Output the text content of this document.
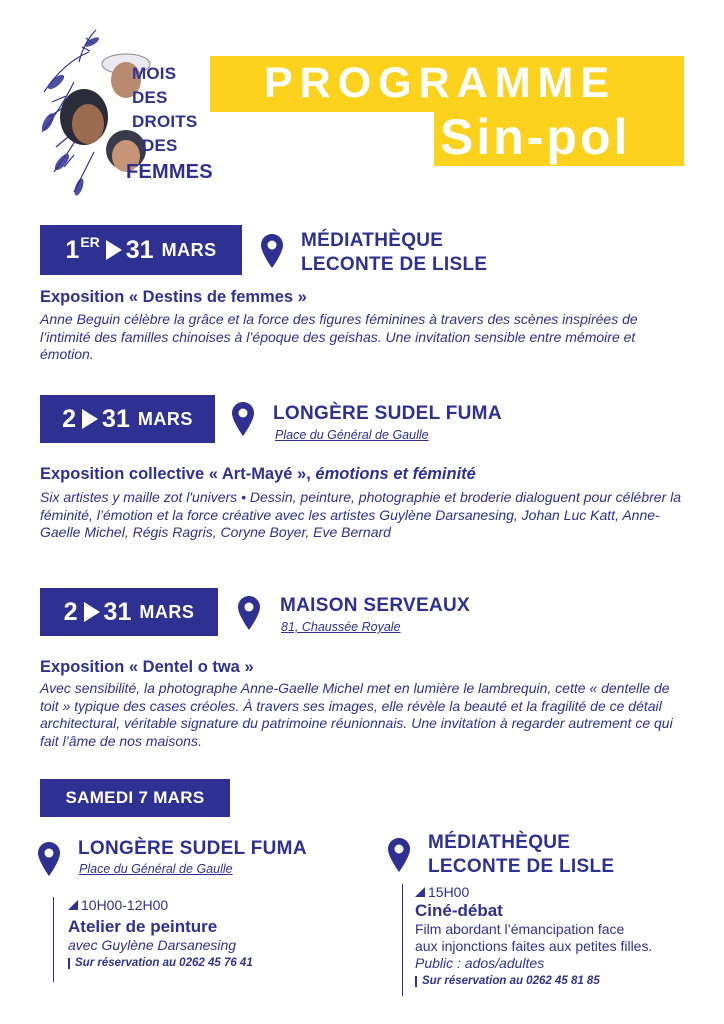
MOIS
DES
DROITS
DES
FEMMES
PROGRAMME
Sin-pol
1 ER 31 MARS	MÉDIATHÈQUE
LECONTE DE LISLE
Exposition « Destins de femmes »
Anne Beguin célèbre la grâce et la force des figures féminines à travers des scènes inspirées de l’intimité des familles chinoises à l’époque des geishas. Une invitation sensible entre mémoire et émotion.
2 31 MARS	LONGÈRE SUDEL FUMA
Place du Général de Gaulle
Exposition collective « Art-Mayé », émotions et féminité
Six artistes y maille zot l'univers • Dessin, peinture, photographie et broderie dialoguent pour célébrer la féminité, l’émotion et la force créative avec les artistes Guylène Darsanesing, Johan Luc Katt, Anne-Gaelle Michel, Régis Ragris, Coryne Boyer, Eve Bernard
2 31 MARS	MAISON SERVEAUX
81, Chaussée Royale
Exposition « Dentel o twa »
Avec sensibilité, la photographe Anne-Gaelle Michel met en lumière le lambrequin, cette « dentelle de toit » typique des cases créoles. À travers ses images, elle révèle la beauté et la fragilité de ce détail architectural, véritable signature du patrimoine réunionnais. Une invitation à regarder autrement ce qui fait l’âme de nos maisons.
SAMEDI 7 MARS
LONGÈRE SUDEL FUMA
Place du Général de Gaulle
10H00-12H00
Atelier de peinture
avec Guylène Darsanesing
Sur réservation au 0262 45 76 41
MÉDIATHÈQUE
LECONTE DE LISLE
15H00
Ciné-débat
Film abordant l’émancipation face
aux injonctions faites aux petites filles.
Public : ados/adultes
Sur réservation au 0262 45 81 85
